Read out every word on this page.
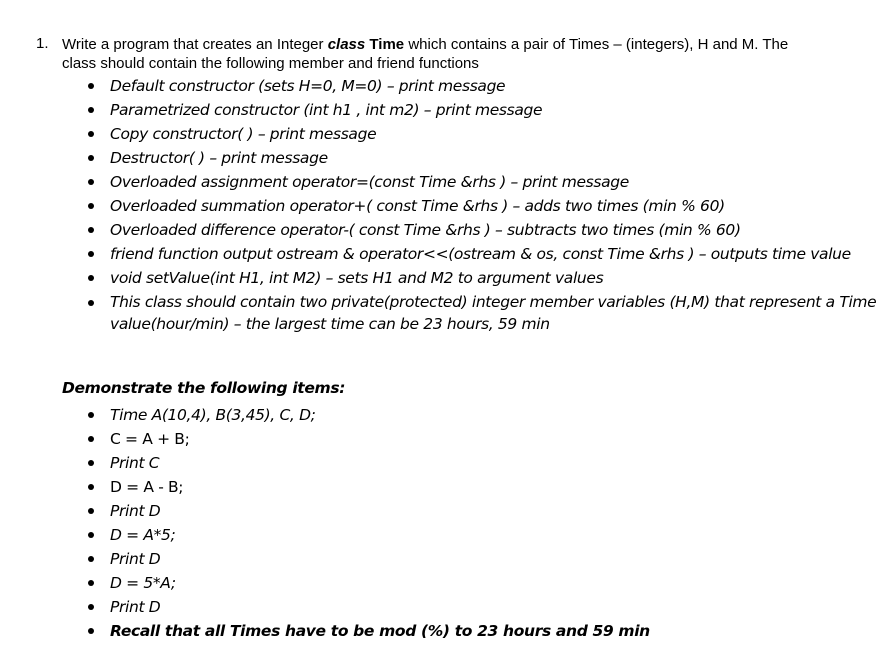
1. Write a program that creates an Integer class Time which contains a pair of Times – (integers), H and M. The
class should contain the following member and friend functions
Default constructor (sets H=0, M=0) – print message
Parametrized constructor (int h1 , int m2) – print message
Copy constructor( ) – print message
Destructor( ) – print message
Overloaded assignment operator=(const Time &rhs ) – print message
Overloaded summation operator+( const Time &rhs ) – adds two times (min % 60)
Overloaded difference operator-( const Time &rhs ) – subtracts two times (min % 60)
friend function output ostream & operator<<(ostream & os, const Time &rhs ) – outputs time value
void setValue(int H1, int M2) – sets H1 and M2 to argument values
This class should contain two private(protected) integer member variables (H,M) that represent a Time value(hour/min) – the largest time can be 23 hours, 59 min
Demonstrate the following items:
Time A(10,4), B(3,45), C, D;
C = A + B;
Print C
D = A - B;
Print D
D = A*5;
Print D
D = 5*A;
Print D
Recall that all Times have to be mod (%) to 23 hours and 59 min
